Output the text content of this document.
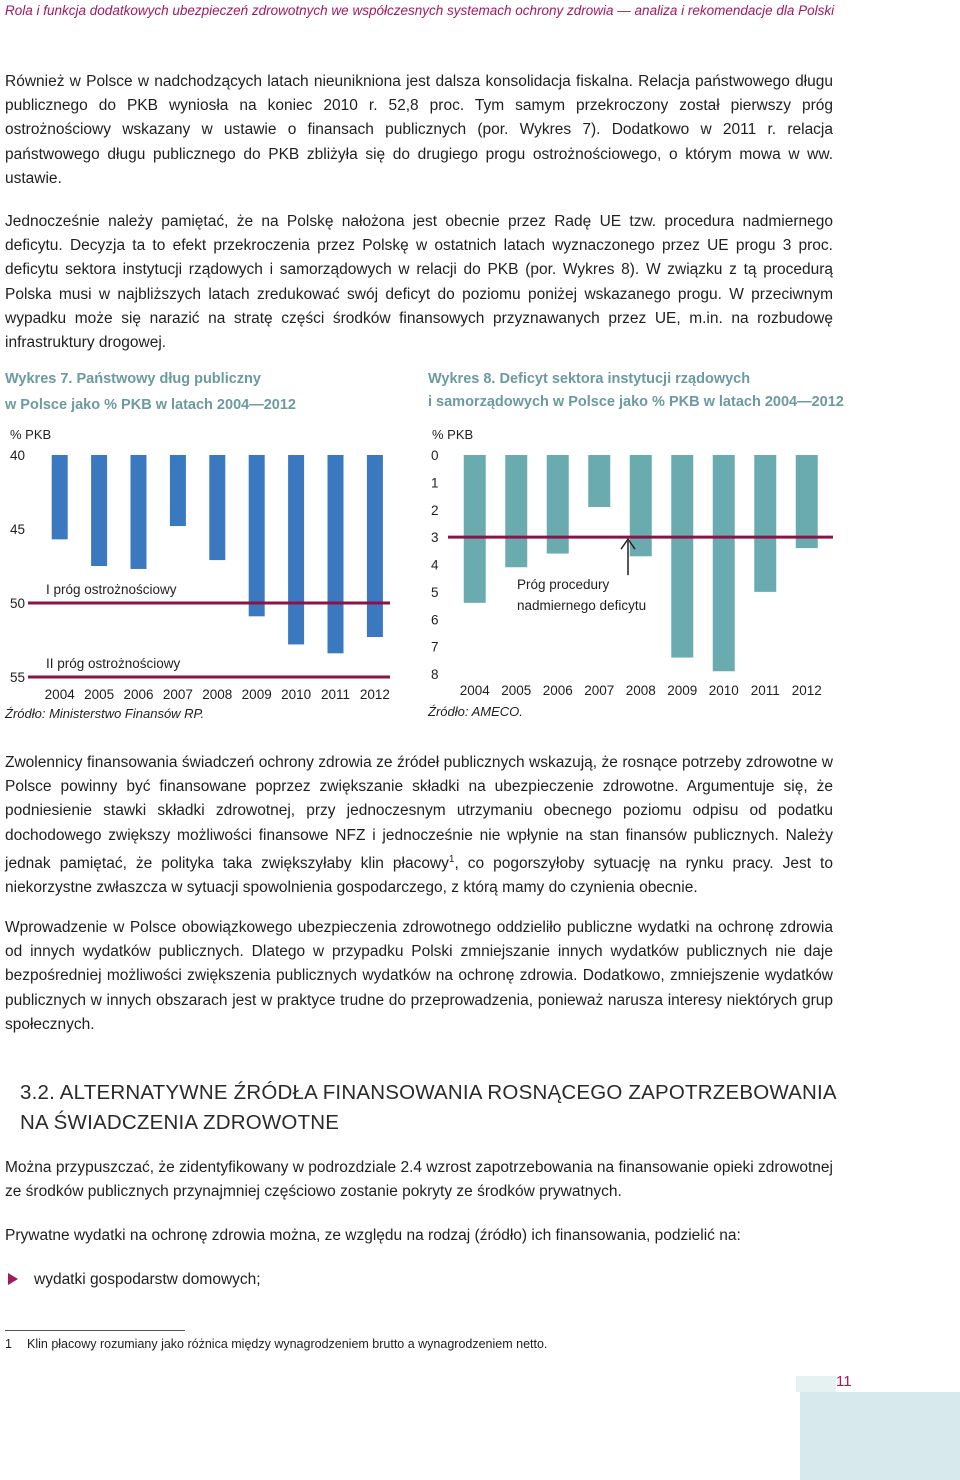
Rola i funkcja dodatkowych ubezpieczeń zdrowotnych we współczesnych systemach ochrony zdrowia — analiza i rekomendacje dla Polski

Również w Polsce w nadchodzących latach nieunikniona jest dalsza konsolidacja fiskalna. Relacja państwowego długu publicznego do PKB wyniosła na koniec 2010 r. 52,8 proc. Tym samym przekroczony został pierwszy próg ostrożnościowy wskazany w ustawie o finansach publicznych (por. Wykres 7). Dodatkowo w 2011 r. relacja państwowego długu publicznego do PKB zbliżyła się do drugiego progu ostrożnościowego, o którym mowa w ww. ustawie.

Jednocześnie należy pamiętać, że na Polskę nałożona jest obecnie przez Radę UE tzw. procedura nadmiernego deficytu. Decyzja ta to efekt przekroczenia przez Polskę w ostatnich latach wyznaczonego przez UE progu 3 proc. deficytu sektora instytucji rządowych i samorządowych w relacji do PKB (por. Wykres 8). W związku z tą procedurą Polska musi w najbliższych latach zredukować swój deficyt do poziomu poniżej wskazanego progu. W przeciwnym wypadku może się narazić na stratę części środków finansowych przyznawanych przez UE, m.in. na rozbudowę infrastruktury drogowej.

Wykres 7. Państwowy dług publiczny
w Polsce jako % PKB w latach 2004—2012

% PKB
40
45
50
55
2004 2005 2006 2007 2008 2009 2010 2011 2012
I próg ostrożnościowy
II próg ostrożnościowy
Źródło: Ministerstwo Finansów RP.

Wykres 8. Deficyt sektora instytucji rządowych
i samorządowych w Polsce jako % PKB w latach 2004—2012

% PKB
0
1
2
3
4
5
6
7
8
2004 2005 2006 2007 2008 2009 2010 2011 2012
Próg procedury
nadmiernego deficytu
Źródło: AMECO.

Zwolennicy finansowania świadczeń ochrony zdrowia ze źródeł publicznych wskazują, że rosnące potrzeby zdrowotne w Polsce powinny być finansowane poprzez zwiększanie składki na ubezpieczenie zdrowotne. Argumentuje się, że podniesienie stawki składki zdrowotnej, przy jednoczesnym utrzymaniu obecnego poziomu odpisu od podatku dochodowego zwiększy możliwości finansowe NFZ i jednocześnie nie wpłynie na stan finansów publicznych. Należy jednak pamiętać, że polityka taka zwiększyłaby klin płacowy$^1$, co pogorszyłoby sytuację na rynku pracy. Jest to niekorzystne zwłaszcza w sytuacji spowolnienia gospodarczego, z którą mamy do czynienia obecnie.

Wprowadzenie w Polsce obowiązkowego ubezpieczenia zdrowotnego oddzieliło publiczne wydatki na ochronę zdrowia od innych wydatków publicznych. Dlatego w przypadku Polski zmniejszanie innych wydatków publicznych nie daje bezpośredniej możliwości zwiększenia publicznych wydatków na ochronę zdrowia. Dodatkowo, zmniejszenie wydatków publicznych w innych obszarach jest w praktyce trudne do przeprowadzenia, ponieważ narusza interesy niektórych grup społecznych.

3.2. ALTERNATYWNE ŹRÓDŁA FINANSOWANIA ROSNĄCEGO ZAPOTRZEBOWANIA
NA ŚWIADCZENIA ZDROWOTNE

Można przypuszczać, że zidentyfikowany w podrozdziale 2.4 wzrost zapotrzebowania na finansowanie opieki zdrowotnej ze środków publicznych przynajmniej częściowo zostanie pokryty ze środków prywatnych.

Prywatne wydatki na ochronę zdrowia można, ze względu na rodzaj (źródło) ich finansowania, podzielić na:

wydatki gospodarstw domowych;
1 Klin płacowy rozumiany jako różnica między wynagrodzeniem brutto a wynagrodzeniem netto.
11
